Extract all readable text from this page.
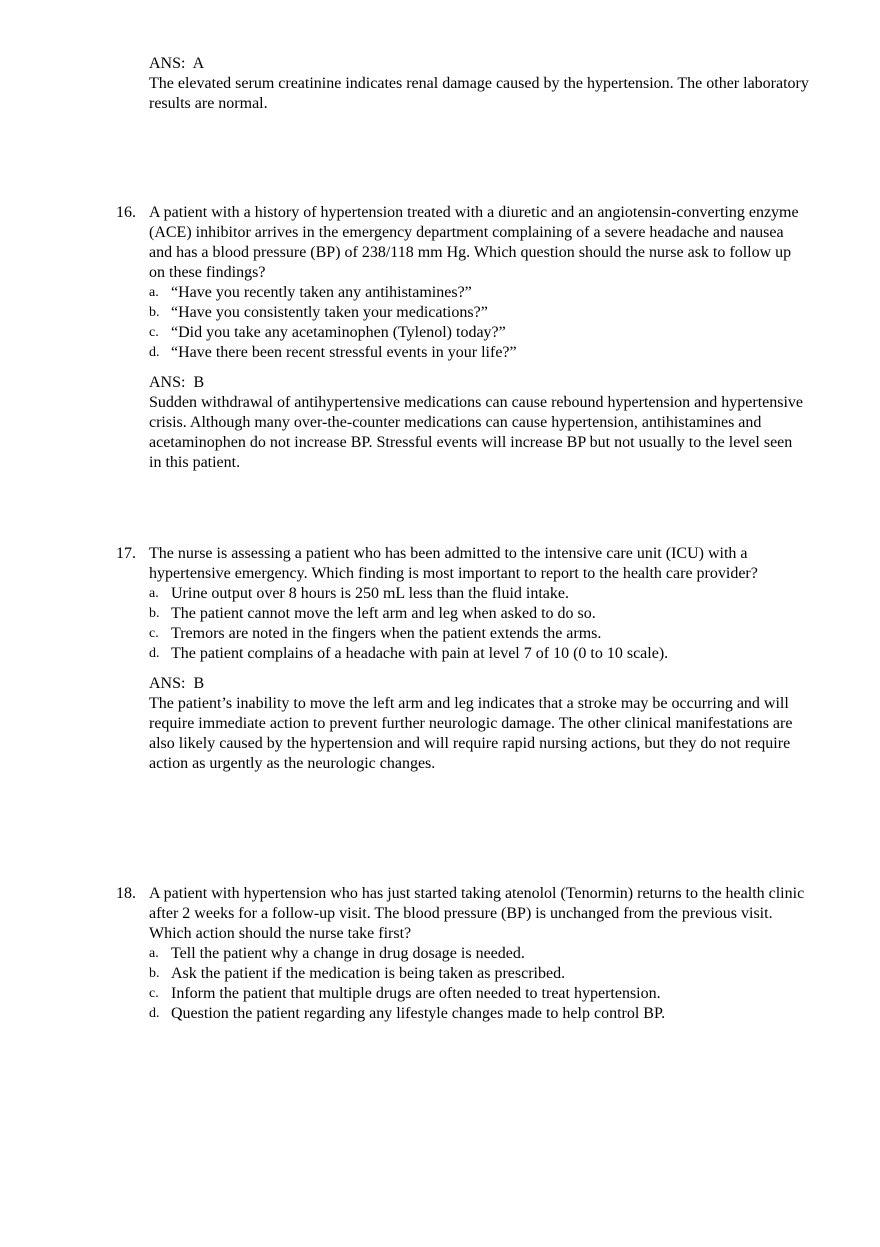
ANS:  A
The elevated serum creatinine indicates renal damage caused by the hypertension. The other laboratory results are normal.
16. A patient with a history of hypertension treated with a diuretic and an angiotensin-converting enzyme (ACE) inhibitor arrives in the emergency department complaining of a severe headache and nausea and has a blood pressure (BP) of 238/118 mm Hg. Which question should the nurse ask to follow up on these findings?
a. “Have you recently taken any antihistamines?”
b. “Have you consistently taken your medications?”
c. “Did you take any acetaminophen (Tylenol) today?”
d. “Have there been recent stressful events in your life?”
ANS:  B
Sudden withdrawal of antihypertensive medications can cause rebound hypertension and hypertensive crisis. Although many over-the-counter medications can cause hypertension, antihistamines and acetaminophen do not increase BP. Stressful events will increase BP but not usually to the level seen in this patient.
17. The nurse is assessing a patient who has been admitted to the intensive care unit (ICU) with a hypertensive emergency. Which finding is most important to report to the health care provider?
a. Urine output over 8 hours is 250 mL less than the fluid intake.
b. The patient cannot move the left arm and leg when asked to do so.
c. Tremors are noted in the fingers when the patient extends the arms.
d. The patient complains of a headache with pain at level 7 of 10 (0 to 10 scale).
ANS:  B
The patient’s inability to move the left arm and leg indicates that a stroke may be occurring and will require immediate action to prevent further neurologic damage. The other clinical manifestations are also likely caused by the hypertension and will require rapid nursing actions, but they do not require action as urgently as the neurologic changes.
18. A patient with hypertension who has just started taking atenolol (Tenormin) returns to the health clinic after 2 weeks for a follow-up visit. The blood pressure (BP) is unchanged from the previous visit. Which action should the nurse take first?
a. Tell the patient why a change in drug dosage is needed.
b. Ask the patient if the medication is being taken as prescribed.
c. Inform the patient that multiple drugs are often needed to treat hypertension.
d. Question the patient regarding any lifestyle changes made to help control BP.
